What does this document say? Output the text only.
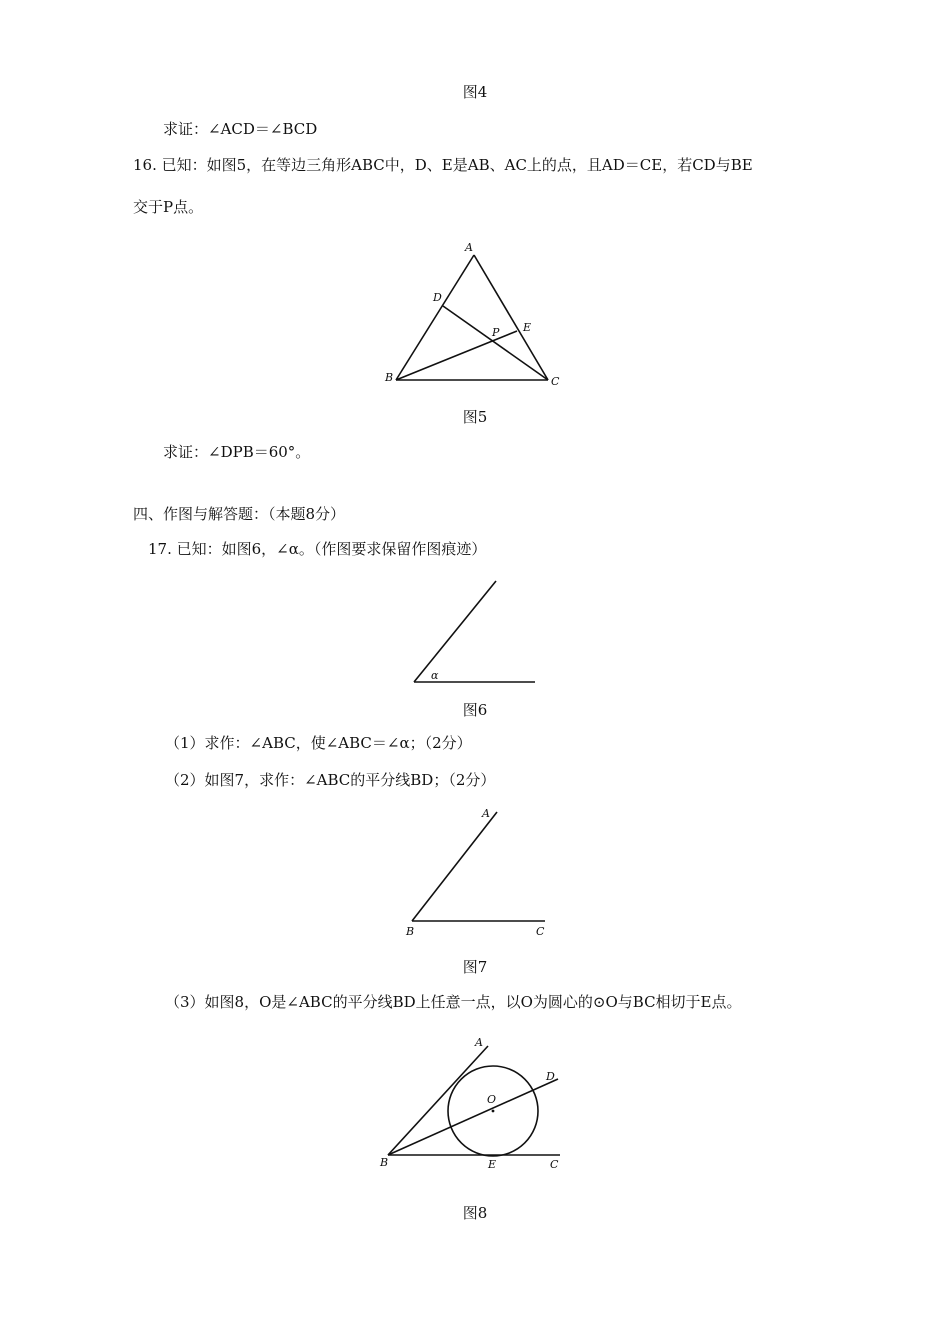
图4
求证：∠ACD＝∠BCD
16. 已知：如图5，在等边三角形ABC中，D、E是AB、AC上的点，且AD＝CE，若CD与BE
交于P点。
A
D
E
P
B	C
图5
求证：∠DPB＝60°。
四、作图与解答题：（本题8分）
17. 已知：如图6，∠α。（作图要求保留作图痕迹）
α
图6
（1）求作：∠ABC，使∠ABC＝∠α；（2分）
（2）如图7，求作：∠ABC的平分线BD；（2分）
A
B	C
图7
（3）如图8，O是∠ABC的平分线BD上任意一点，以O为圆心的⊙O与BC相切于E点。
A
D
O
B	E	C
图8
